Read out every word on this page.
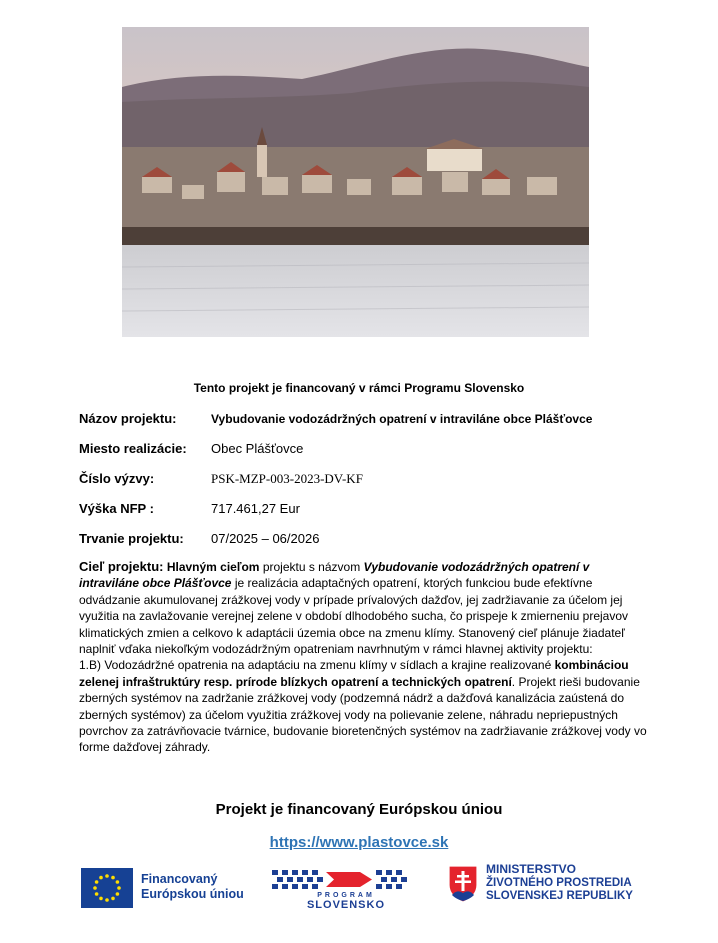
Tento projekt je financovaný v rámci Programu Slovensko
Názov projektu:	Vybudovanie vodozádržných opatrení v intraviláne obce Plášťovce
Miesto realizácie: Obec Plášťovce
Číslo výzvy:	PSK-MZP-003-2023-DV-KF
Výška NFP :	717.461,27 Eur
Trvanie projektu: 07/2025 – 06/2026

Cieľ projektu: Hlavným cieľom projektu s názvom Vybudovanie vodozádržných opatrení v intraviláne obce Plášťovce je realizácia adaptačných opatrení, ktorých funkciou bude efektívne odvádzanie akumulovanej zrážkovej vody v prípade prívalových dažďov, jej zadržiavanie za účelom jej využitia na zavlažovanie verejnej zelene v období dlhodobého sucha, čo prispeje k zmierneniu prejavov klimatických zmien a celkovo k adaptácii územia obce na zmenu klímy. Stanovený cieľ plánuje žiadateľ naplniť vďaka niekoľkým vodozádržným opatreniam navrhnutým v rámci hlavnej aktivity projektu:

1.B) Vodozádržné opatrenia na adaptáciu na zmenu klímy v sídlach a krajine realizované kombináciou zelenej infraštruktúry resp. prírode blízkych opatrení a technických opatrení. Projekt rieši budovanie zberných systémov na zadržanie zrážkovej vody (podzemná nádrž a dažďová kanalizácia zaústená do zberných systémov) za účelom využitia zrážkovej vody na polievanie zelene, náhradu nepriepustných povrchov za zatrávňovacie tvárnice, budovanie bioretenčných systémov na zadržiavanie zrážkovej vody vo forme dažďovej záhrady.

Projekt je financovaný Európskou úniou
https://www.plastovce.sk
Financovaný
Európskou úniou	PROGRAM
SLOVENSKO
MINISTERSTVO
ŽIVOTNÉHO PROSTREDIA
SLOVENSKEJ REPUBLIKY
